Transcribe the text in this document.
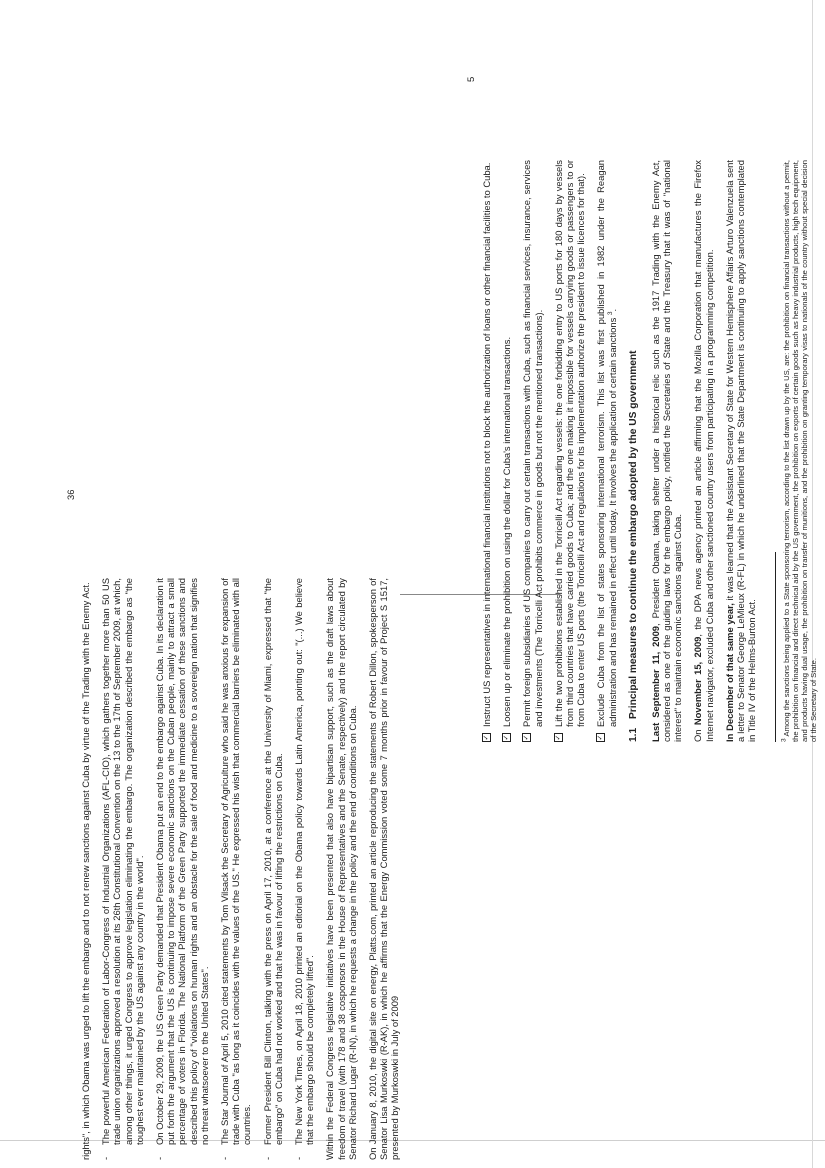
rights", in which Obama was urged to lift the embargo and to not renew sanctions against Cuba by virtue of the Trading with the Enemy Act. -
The powerful American Federation of Labor-Congress of Industrial Organizations (AFL-CIO), which gathers together more than 50 US trade union organizations approved a resolution at its 26th Constitutional Convention on the 13 to the 17th of September 2009, at which, among other things, it urged Congress to approve legislation eliminating the embargo. The organization described the embargo as "the toughest ever maintained by the US against any country in the world".
-
On October 29, 2009, the US Green Party demanded that President Obama put an end to the embargo against Cuba. In its declaration it put forth the argument that the US is continuing to impose severe economic sanctions on the Cuban people, mainly to attract a small percentage of voters in Florida. The National Platform of the Green Party supported the immediate cessation of these sanctions and described this policy of "violations on human rights and an obstacle for the sale of food and medicine to a sovereign nation that signifies no threat whatsoever to the United States".
-
The Star Journal of April 5, 2010 cited statements by Tom Vilsack the Secretary of Agriculture who said he was anxious for expansion of trade with Cuba "as long as it coincides with the values of the US." He expressed his wish that commercial barriers be eliminated with all countries.
-
Former President Bill Clinton, talking with the press on April 17, 2010, at a conference at the University of Miami, expressed that "the embargo" on Cuba had not worked and that he was in favour of lifting the restrictions on Cuba.
-
The New York Times, on April 18, 2010 printed an editorial on the Obama policy towards Latin America, pointing out: "(...) We believe that the embargo should be completely lifted". Within the Federal Congress legislative initiatives have been presented that also have bipartisan support, such as the draft laws about freedom of travel (with 178 and 38 cosponsors in the House of Representatives and the Senate, respectively) and the report circulated by Senator Richard Lugar (R-IN), in which he requests a change in the policy and the end of conditions on Cuba. On January 8, 2010, the digital site on energy, Platts.com, printed an article reproducing the statements of Robert Dillon, spokesperson of Senator Lisa Murkoswki (R-AK), in which he affirms that the Energy Commission voted some 7 months prior in favour of Project S 1517, presented by Murkoswki in July of 2009

36
✓
Instruct US representatives in international financial institutions not to block the authorization of loans or other financial facilities to Cuba.
✓
Loosen up or eliminate the prohibition on using the dollar for Cuba's international transactions.
✓
Permit foreign subsidiaries of US companies to carry out certain transactions with Cuba, such as financial services, insurance, services and investments (The Torricelli Act prohibits commerce in goods but not the mentioned transactions).
✓
Lift the two prohibitions established in the Torricelli Act regarding vessels: the one forbidding entry to US ports for 180 days by vessels from third countries that have carried goods to Cuba; and the one making it impossible for vessels carrying goods or passengers to or from Cuba to enter US ports (the Torricelli Act and regulations for its implementation authorize the president to issue licences for that).
✓
Exclude Cuba from the list of states sponsoring international terrorism. This list was first published in 1982 under the Reagan administration and has remained in effect until today. It involves the application of certain sanctions $^3$.
1.1 Principal measures to continue the embargo adopted by the US government Last September 11, 2009, President Obama, taking shelter under a historical relic such as the 1917 Trading with the Enemy Act, considered as one of the guiding laws for the embargo policy, notified the Secretaries of State and the Treasury that it was of "national interest" to maintain economic sanctions against Cuba. On November 15, 2009, the DPA news agency printed an article affirming that the Mozilla Corporation that manufactures the Firefox Internet navigator, excluded Cuba and other sanctioned country users from participating in a programming competition. In December of that same year, it was learned that the Assistant Secretary of State for Western Hemisphere Affairs Arturo Valenzuela sent a letter to Senator George LeMieux (R-FL) in which he underlined that the State Department is continuing to apply sanctions contemplated in Title IV of the Helms-Burton Act.	$^3$ Among the sanctions being applied to a State sponsoring terrorism, according to the list drawn up by the US, are: the prohibition on financial transactions without a permit, the prohibition on financial and direct technical aid by the US government, the prohibition on exports of certain goods such as heavy industrial products, high tech equipment, and products having dual usage, the prohibition on transfer of munitions, and the prohibition on granting temporary visas to nationals of the country without special decision of the Secretary of State.
5
